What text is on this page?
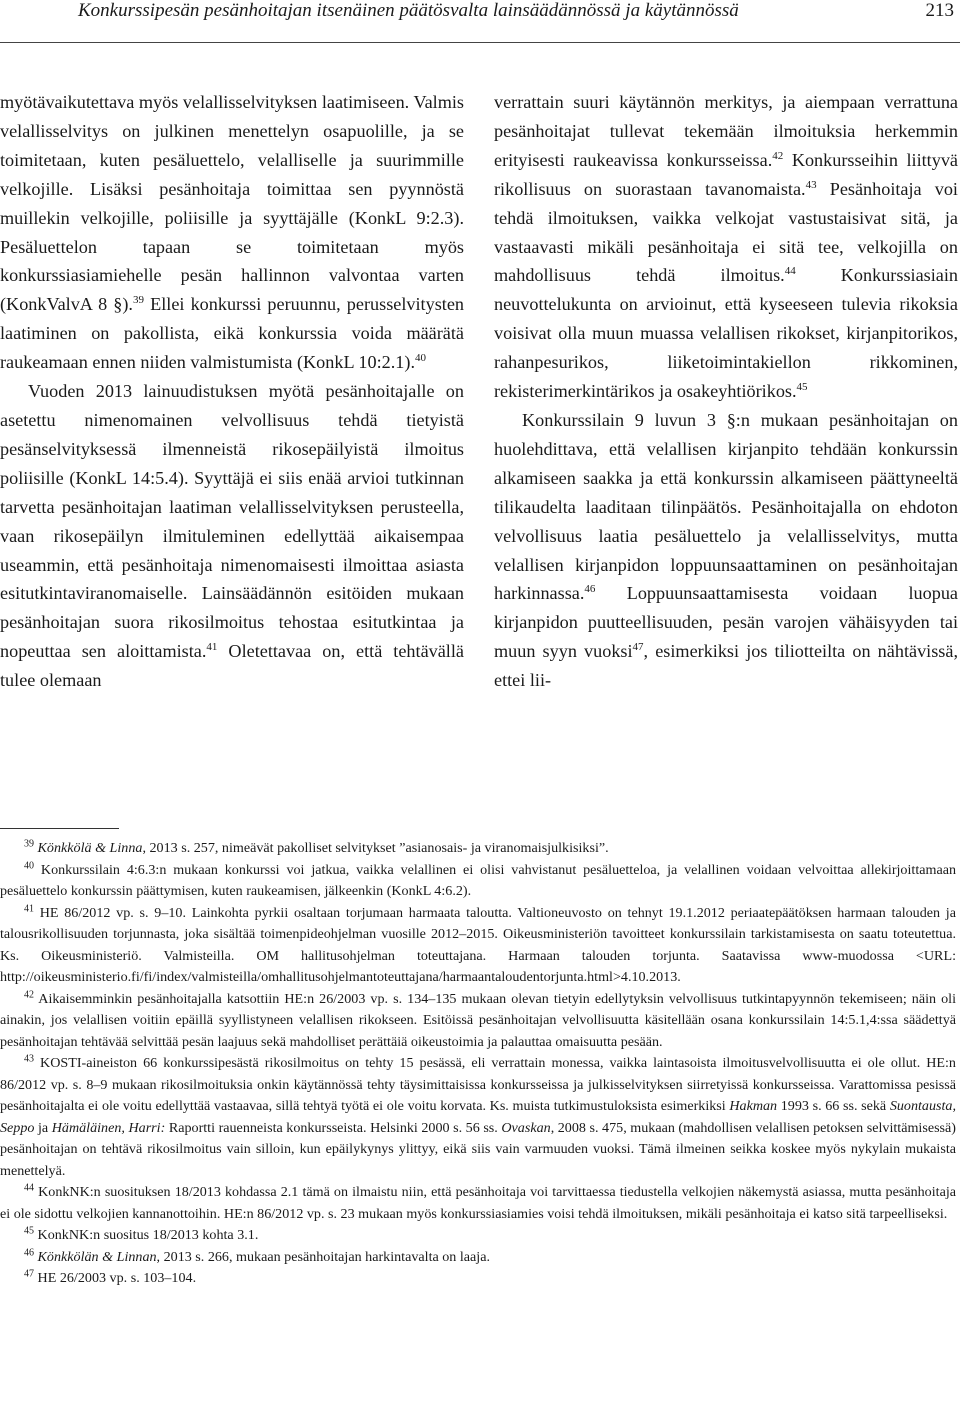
Konkurssipesän pesänhoitajan itsenäinen päätösvalta lainsäädännössä ja käytännössä	213

myötävaikutettava myös velallisselvityksen laatimiseen. Valmis velallisselvitys on julkinen menettelyn osapuolille, ja se toimitetaan, kuten pesäluettelo, velalliselle ja suurimmille velkojille. Lisäksi pesänhoitaja toimittaa sen pyynnöstä muillekin velkojille, poliisille ja syyttäjälle (KonkL 9:2.3). Pesäluettelon tapaan se toimitetaan myös konkurssiasiamiehelle pesän hallinnon valvontaa varten (KonkValvA 8 §).$^{39}$ Ellei konkurssi peruunnu, perusselvitysten laatiminen on pakollista, eikä konkurssia voida määrätä raukeamaan ennen niiden valmistumista (KonkL 10:2.1).$^{40}$

Vuoden 2013 lainuudistuksen myötä pesänhoitajalle on asetettu nimenomainen velvollisuus tehdä tietyistä pesänselvityksessä ilmenneistä rikosepäilyistä ilmoitus poliisille (KonkL 14:5.4). Syyttäjä ei siis enää arvioi tutkinnan tarvetta pesänhoitajan laatiman velallisselvityksen perusteella, vaan rikosepäilyn ilmituleminen edellyttää aikaisempaa useammin, että pesänhoitaja nimenomaisesti ilmoittaa asiasta esitutkintaviranomaiselle. Lainsäädännön esitöiden mukaan pesänhoitajan suora rikosilmoitus tehostaa esitutkintaa ja nopeuttaa sen aloittamista.$^{41}$ Oletettavaa on, että tehtävällä tulee olemaan

verrattain suuri käytännön merkitys, ja aiempaan verrattuna pesänhoitajat tullevat tekemään ilmoituksia herkemmin erityisesti raukeavissa konkursseissa.$^{42}$ Konkursseihin liittyvä rikollisuus on suorastaan tavanomaista.$^{43}$ Pesänhoitaja voi tehdä ilmoituksen, vaikka velkojat vastustaisivat sitä, ja vastaavasti mikäli pesänhoitaja ei sitä tee, velkojilla on mahdollisuus tehdä ilmoitus.$^{44}$ Konkurssiasiain neuvottelukunta on arvioinut, että kyseeseen tulevia rikoksia voisivat olla muun muassa velallisen rikokset, kirjanpitorikos, rahanpesurikos, liiketoimintakiellon rikkominen, rekisterimerkintärikos ja osakeyhtiörikos.$^{45}$

Konkurssilain 9 luvun 3 §:n mukaan pesänhoitajan on huolehdittava, että velallisen kirjanpito tehdään konkurssin alkamiseen saakka ja että konkurssin alkamiseen päättyneeltä tilikaudelta laaditaan tilinpäätös. Pesänhoitajalla on ehdoton velvollisuus laatia pesäluettelo ja velallisselvitys, mutta velallisen kirjanpidon loppuunsaattaminen on pesänhoitajan harkinnassa.$^{46}$ Loppuunsaattamisesta voidaan luopua kirjanpidon puutteellisuuden, pesän varojen vähäisyyden tai muun syyn vuoksi$^{47}$, esimerkiksi jos tiliotteilta on nähtävissä, ettei lii-

$^{39}$ Könkkölä & Linna, 2013 s. 257, nimeävät pakolliset selvitykset ”asianosais- ja viranomaisjulkisiksi”.

$^{40}$ Konkurssilain 4:6.3:n mukaan konkurssi voi jatkua, vaikka velallinen ei olisi vahvistanut pesäluetteloa, ja velallinen voidaan velvoittaa allekirjoittamaan pesäluettelo konkurssin päättymisen, kuten raukeamisen, jälkeenkin (KonkL 4:6.2).

$^{41}$ HE 86/2012 vp. s. 9–10. Lainkohta pyrkii osaltaan torjumaan harmaata taloutta. Valtioneuvosto on tehnyt 19.1.2012 periaatepäätöksen harmaan talouden ja talousrikollisuuden torjunnasta, joka sisältää toimenpideohjelman vuosille 2012–2015. Oikeusministeriön tavoitteet konkurssilain tarkistamisesta on saatu toteutettua. Ks. Oikeusministeriö. Valmisteilla. OM hallitusohjelman toteuttajana. Harmaan talouden torjunta. Saatavissa www-muodossa <URL: http://oikeusministerio.fi/fi/index/valmisteilla/omhallitusohjelmantoteuttajana/harmaantaloudentorjunta.html>4.10.2013.

$^{42}$ Aikaisemminkin pesänhoitajalla katsottiin HE:n 26/2003 vp. s. 134–135 mukaan olevan tietyin edellytyksin velvollisuus tutkintapyynnön tekemiseen; näin oli ainakin, jos velallisen voitiin epäillä syyllistyneen velallisen rikokseen. Esitöissä pesänhoitajan velvollisuutta käsitellään osana konkurssilain 14:5.1,4:ssa säädettyä pesänhoitajan tehtävää selvittää pesän laajuus sekä mahdolliset perättäiä oikeustoimia ja palauttaa omaisuutta pesään.

$^{43}$ KOSTI-aineiston 66 konkurssipesästä rikosilmoitus on tehty 15 pesässä, eli verrattain monessa, vaikka laintasoista ilmoitusvelvollisuutta ei ole ollut. HE:n 86/2012 vp. s. 8–9 mukaan rikosilmoituksia onkin käytännössä tehty täysimittaisissa konkursseissa ja julkisselvityksen siirretyissä konkursseissa. Varattomissa pesissä pesänhoitajalta ei ole voitu edellyttää vastaavaa, sillä tehtyä työtä ei ole voitu korvata. Ks. muista tutkimustuloksista esimerkiksi Hakman 1993 s. 66 ss. sekä Suontausta, Seppo ja Hämäläinen, Harri: Raportti rauenneista konkursseista. Helsinki 2000 s. 56 ss. Ovaskan, 2008 s. 475, mukaan (mahdollisen velallisen petoksen selvittämisessä) pesänhoitajan on tehtävä rikosilmoitus vain silloin, kun epäilykynys ylittyy, eikä siis vain varmuuden vuoksi. Tämä ilmeinen seikka koskee myös nykylain mukaista menettelyä.

$^{44}$ KonkNK:n suosituksen 18/2013 kohdassa 2.1 tämä on ilmaistu niin, että pesänhoitaja voi tarvittaessa tiedustella velkojien näkemystä asiassa, mutta pesänhoitaja ei ole sidottu velkojien kannanottoihin. HE:n 86/2012 vp. s. 23 mukaan myös konkurssiasiamies voisi tehdä ilmoituksen, mikäli pesänhoitaja ei katso sitä tarpeelliseksi.

$^{45}$ KonkNK:n suositus 18/2013 kohta 3.1.

$^{46}$ Könkkölän & Linnan, 2013 s. 266, mukaan pesänhoitajan harkintavalta on laaja.

$^{47}$ HE 26/2003 vp. s. 103–104.
